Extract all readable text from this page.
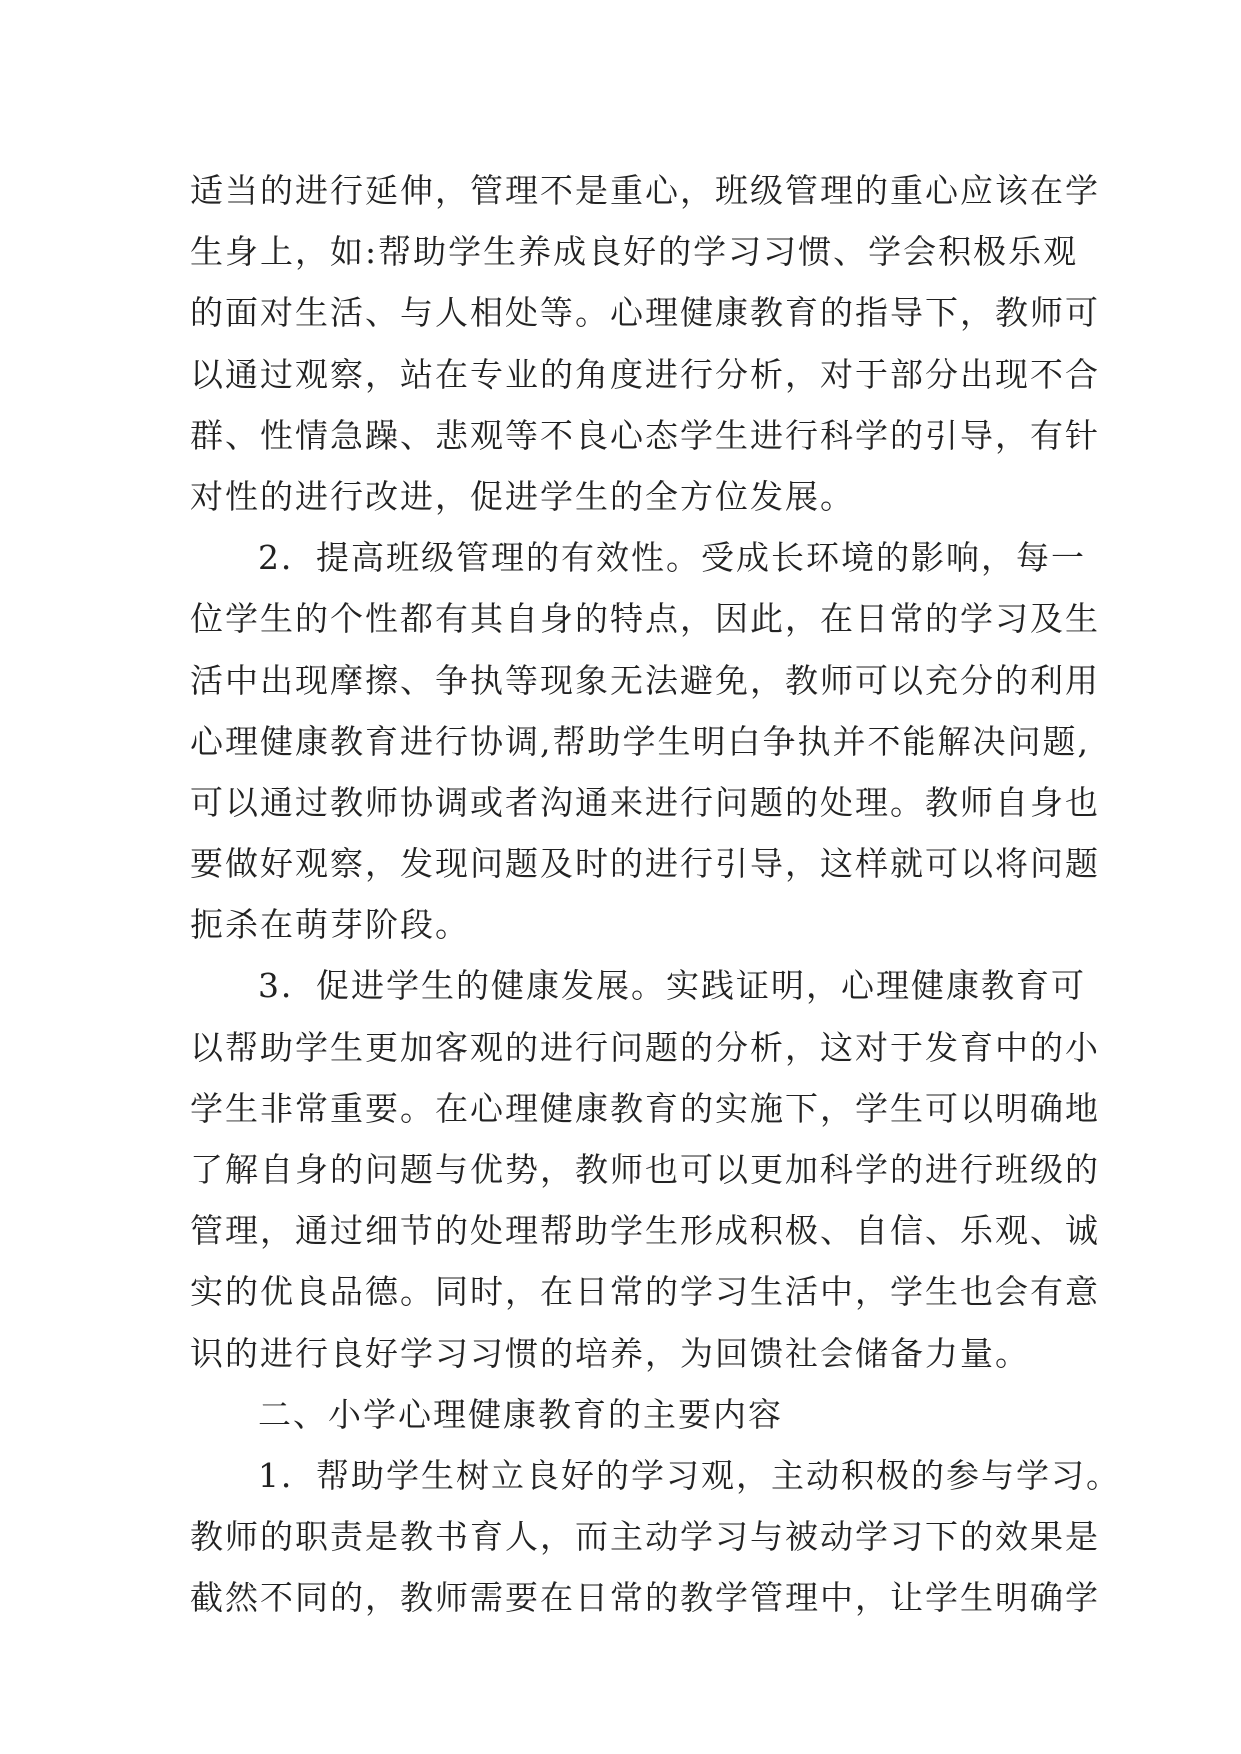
适当的进行延伸，管理不是重心，班级管理的重心应该在学
生身上，如:帮助学生养成良好的学习习惯、学会积极乐观
的面对生活、与人相处等。心理健康教育的指导下，教师可
以通过观察，站在专业的角度进行分析，对于部分出现不合
群、性情急躁、悲观等不良心态学生进行科学的引导，有针
对性的进行改进，促进学生的全方位发展。
2．提高班级管理的有效性。受成长环境的影响，每一
位学生的个性都有其自身的特点，因此，在日常的学习及生
活中出现摩擦、争执等现象无法避免，教师可以充分的利用
心理健康教育进行协调,帮助学生明白争执并不能解决问题,
可以通过教师协调或者沟通来进行问题的处理。教师自身也
要做好观察，发现问题及时的进行引导，这样就可以将问题
扼杀在萌芽阶段。
3．促进学生的健康发展。实践证明，心理健康教育可
以帮助学生更加客观的进行问题的分析，这对于发育中的小
学生非常重要。在心理健康教育的实施下，学生可以明确地
了解自身的问题与优势，教师也可以更加科学的进行班级的
管理，通过细节的处理帮助学生形成积极、自信、乐观、诚
实的优良品德。同时，在日常的学习生活中，学生也会有意
识的进行良好学习习惯的培养，为回馈社会储备力量。
二、小学心理健康教育的主要内容
1．帮助学生树立良好的学习观，主动积极的参与学习。
教师的职责是教书育人，而主动学习与被动学习下的效果是
截然不同的，教师需要在日常的教学管理中，让学生明确学
